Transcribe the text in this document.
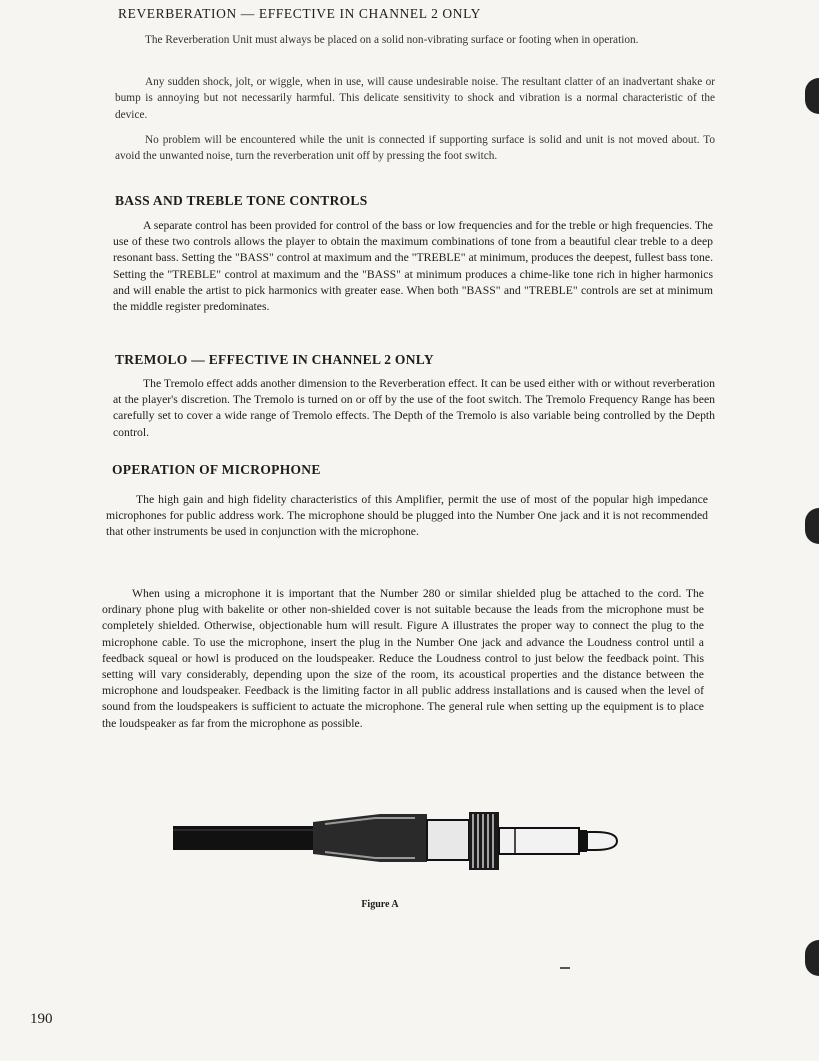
REVERBERATION — EFFECTIVE IN CHANNEL 2 ONLY

The Reverberation Unit must always be placed on a solid non-vibrating surface or footing when in operation.

Any sudden shock, jolt, or wiggle, when in use, will cause undesirable noise. The resultant clatter of an inadvertant shake or bump is annoying but not necessarily harmful. This delicate sensitivity to shock and vibration is a normal characteristic of the device.

No problem will be encountered while the unit is connected if supporting surface is solid and unit is not moved about. To avoid the unwanted noise, turn the reverberation unit off by pressing the foot switch.

BASS AND TREBLE TONE CONTROLS

A separate control has been provided for control of the bass or low frequencies and for the treble or high frequencies. The use of these two controls allows the player to obtain the maximum combinations of tone from a beautiful clear treble to a deep resonant bass. Setting the "BASS" control at maximum and the "TREBLE" at minimum, produces the deepest, fullest bass tone. Setting the "TREBLE" control at maximum and the "BASS" at minimum produces a chime-like tone rich in higher harmonics and will enable the artist to pick harmonics with greater ease. When both "BASS" and "TREBLE" controls are set at minimum the middle register predominates.

TREMOLO — EFFECTIVE IN CHANNEL 2 ONLY

The Tremolo effect adds another dimension to the Reverberation effect. It can be used either with or without reverberation at the player's discretion. The Tremolo is turned on or off by the use of the foot switch. The Tremolo Frequency Range has been carefully set to cover a wide range of Tremolo effects. The Depth of the Tremolo is also variable being controlled by the Depth control.

OPERATION OF MICROPHONE

The high gain and high fidelity characteristics of this Amplifier, permit the use of most of the popular high impedance microphones for public address work. The microphone should be plugged into the Number One jack and it is not recommended that other instruments be used in conjunction with the microphone.

When using a microphone it is important that the Number 280 or similar shielded plug be attached to the cord. The ordinary phone plug with bakelite or other non-shielded cover is not suitable because the leads from the microphone must be completely shielded. Otherwise, objectionable hum will result. Figure A illustrates the proper way to connect the plug to the microphone cable. To use the microphone, insert the plug in the Number One jack and advance the Loudness control until a feedback squeal or howl is produced on the loudspeaker. Reduce the Loudness control to just below the feedback point. This setting will vary considerably, depending upon the size of the room, its acoustical properties and the distance between the microphone and loudspeaker. Feedback is the limiting factor in all public address installations and is caused when the level of sound from the loudspeakers is sufficient to actuate the microphone. The general rule when setting up the equipment is to place the loudspeaker as far from the microphone as possible.

Figure A

190
